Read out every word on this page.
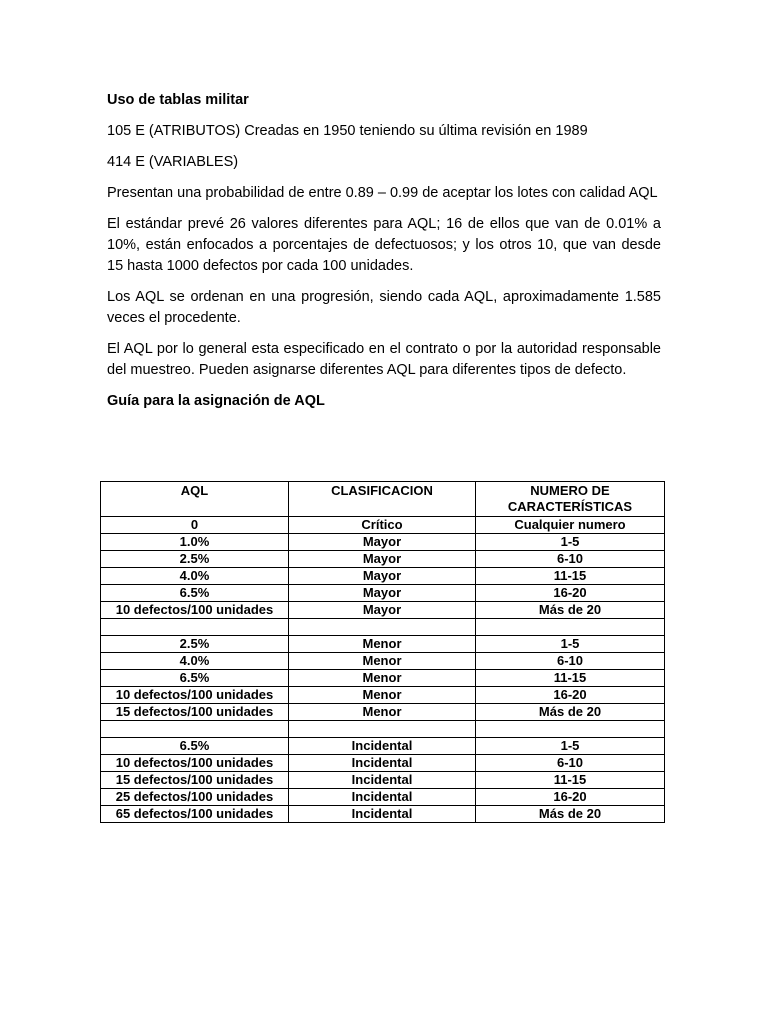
Uso de tablas militar

105 E (ATRIBUTOS) Creadas en 1950 teniendo su última revisión en 1989

414 E (VARIABLES)

Presentan una probabilidad de entre 0.89 – 0.99 de aceptar los lotes con calidad AQL

El estándar prevé 26 valores diferentes para AQL; 16 de ellos que van de 0.01% a 10%, están enfocados a porcentajes de defectuosos; y los otros 10, que van desde 15 hasta 1000 defectos por cada 100 unidades.

Los AQL se ordenan en una progresión, siendo cada AQL, aproximadamente 1.585 veces el procedente.

El AQL por lo general esta especificado en el contrato o por la autoridad responsable del muestreo. Pueden asignarse diferentes AQL para diferentes tipos de defecto.

Guía para la asignación de AQL

AQL	CLASIFICACION	NUMERO DE CARACTERÍSTICAS
0	Crítico	Cualquier numero
1.0%	Mayor	1-5
2.5%	Mayor	6-10
4.0%	Mayor	11-15
6.5%	Mayor	16-20
10 defectos/100 unidades	Mayor	Más de 20

2.5%	Menor	1-5
4.0%	Menor	6-10
6.5%	Menor	11-15
10 defectos/100 unidades	Menor	16-20
15 defectos/100 unidades	Menor	Más de 20

6.5%	Incidental	1-5
10 defectos/100 unidades	Incidental	6-10
15 defectos/100 unidades	Incidental	11-15
25 defectos/100 unidades	Incidental	16-20
65 defectos/100 unidades	Incidental	Más de 20
